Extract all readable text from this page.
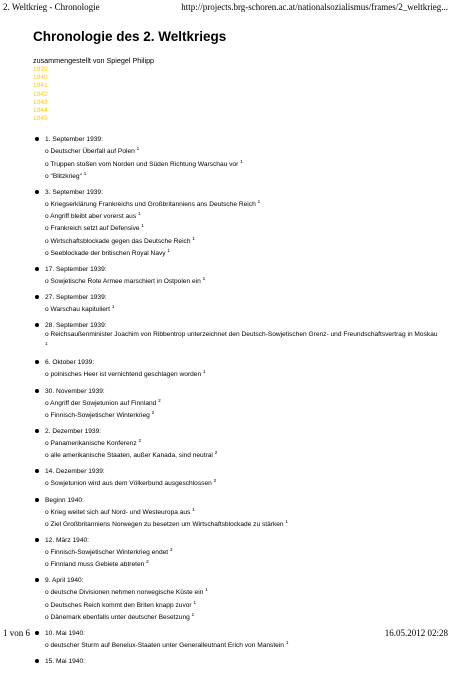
2. Weltkrieg - Chronologie	http://projects.brg-schoren.ac.at/nationalsozialismus/frames/2_weltkrieg...
Chronologie des 2. Weltkriegs
zusammengestellt von Spiegel Philipp
1939
1940
1941
1942
1943
1944
1945
1. September 1939:
o Deutscher Überfall auf Polen $^1$
o Truppen stoßen vom Norden und Süden Richtung Warschau vor $^1$
o "Blitzkrieg" $^1$
3. September 1939:
o Kriegserklärung Frankreichs und Großbritanniens ans Deutsche Reich $^1$
o Angriff bleibt aber vorerst aus $^1$
o Frankreich setzt auf Defensive $^1$
o Wirtschaftsblockade gegen das Deutsche Reich $^1$
o Seeblockade der britischen Royal Navy $^1$
17. September 1939:
o Sowjetische Rote Armee marschiert in Ostpolen ein $^1$
27. September 1939:
o Warschau kapituliert $^1$
28. September 1939:
o Reichsaußenminister Joachim von Ribbentrop unterzeichnet den Deutsch-Sowjetischen Grenz- und Freundschaftsvertrag in Moskau $^1$
6. Oktober 1939:
o polnisches Heer ist vernichtend geschlagen worden $^1$
30. November 1939:
o Angriff der Sowjetunion auf Finnland $^2$
o Finnisch-Sowjetischer Winterkrieg $^2$
2. Dezember 1939:
o Panamerikanische Konferenz $^2$
o alle amerikanische Staaten, außer Kanada, sind neutral $^2$
14. Dezember 1939:
o Sowjetunion wird aus dem Völkerbund ausgeschlossen $^2$
Beginn 1940:
o Krieg weitet sich auf Nord- und Westeuropa aus $^1$
o Ziel Großbritanniens Norwegen zu besetzen um Wirtschaftsblockade zu stärken $^1$
12. März 1940:
o Finnisch-Sowjetischer Winterkrieg endet $^2$
o Finnland muss Gebiete abtreten $^2$
9. April 1940:
o deutsche Divisionen nehmen norwegische Küste ein $^1$
o Deutsches Reich kommt den Briten knapp zuvor $^1$
o Dänemark ebenfalls unter deutscher Besetzung $^1$
10. Mai 1940:
o deutscher Sturm auf Benelux-Staaten unter Generalleutnant Erich von Manstein $^1$
15. Mai 1940:
1 von 6	16.05.2012 02:28
